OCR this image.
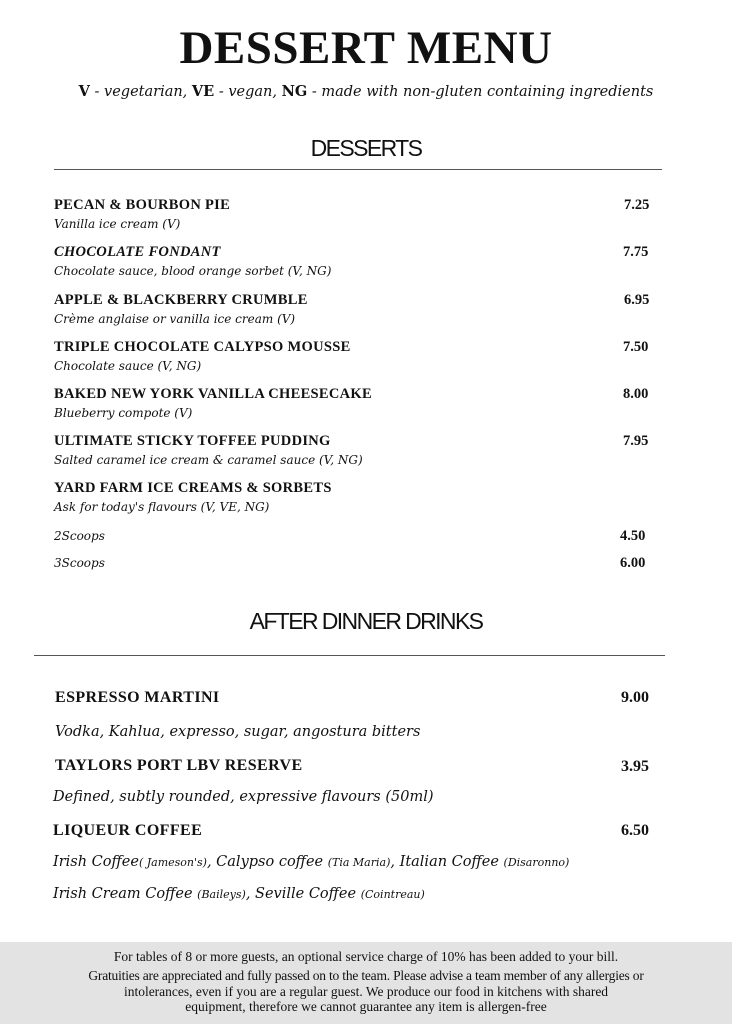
DESSERT MENU
V - vegetarian, VE - vegan, NG - made with non-gluten containing ingredients
DESSERTS
PECAN & BOURBON PIE	7.25
Vanilla ice cream (V)
CHOCOLATE FONDANT	7.75
Chocolate sauce, blood orange sorbet (V, NG)
APPLE & BLACKBERRY CRUMBLE	6.95
Crème anglaise or vanilla ice cream (V)
TRIPLE CHOCOLATE CALYPSO MOUSSE	7.50
Chocolate sauce (V, NG)
BAKED NEW YORK VANILLA CHEESECAKE	8.00
Blueberry compote (V)
ULTIMATE STICKY TOFFEE PUDDING	7.95
Salted caramel ice cream & caramel sauce (V, NG)
YARD FARM ICE CREAMS & SORBETS
Ask for today's flavours (V, VE, NG)
2Scoops	4.50
3Scoops	6.00
AFTER DINNER DRINKS
ESPRESSO MARTINI	9.00
Vodka, Kahlua, expresso, sugar, angostura bitters
TAYLORS PORT LBV RESERVE	3.95
Defined, subtly rounded, expressive flavours (50ml)
LIQUEUR COFFEE	6.50
Irish Coffee( Jameson's), Calypso coffee (Tia Maria), Italian Coffee (Disaronno)
Irish Cream Coffee (Baileys), Seville Coffee (Cointreau)
For tables of 8 or more guests, an optional service charge of 10% has been added to your bill.
Gratuities are appreciated and fully passed on to the team. Please advise a team member of any allergies or
intolerances, even if you are a regular guest. We produce our food in kitchens with shared
equipment, therefore we cannot guarantee any item is allergen-free
